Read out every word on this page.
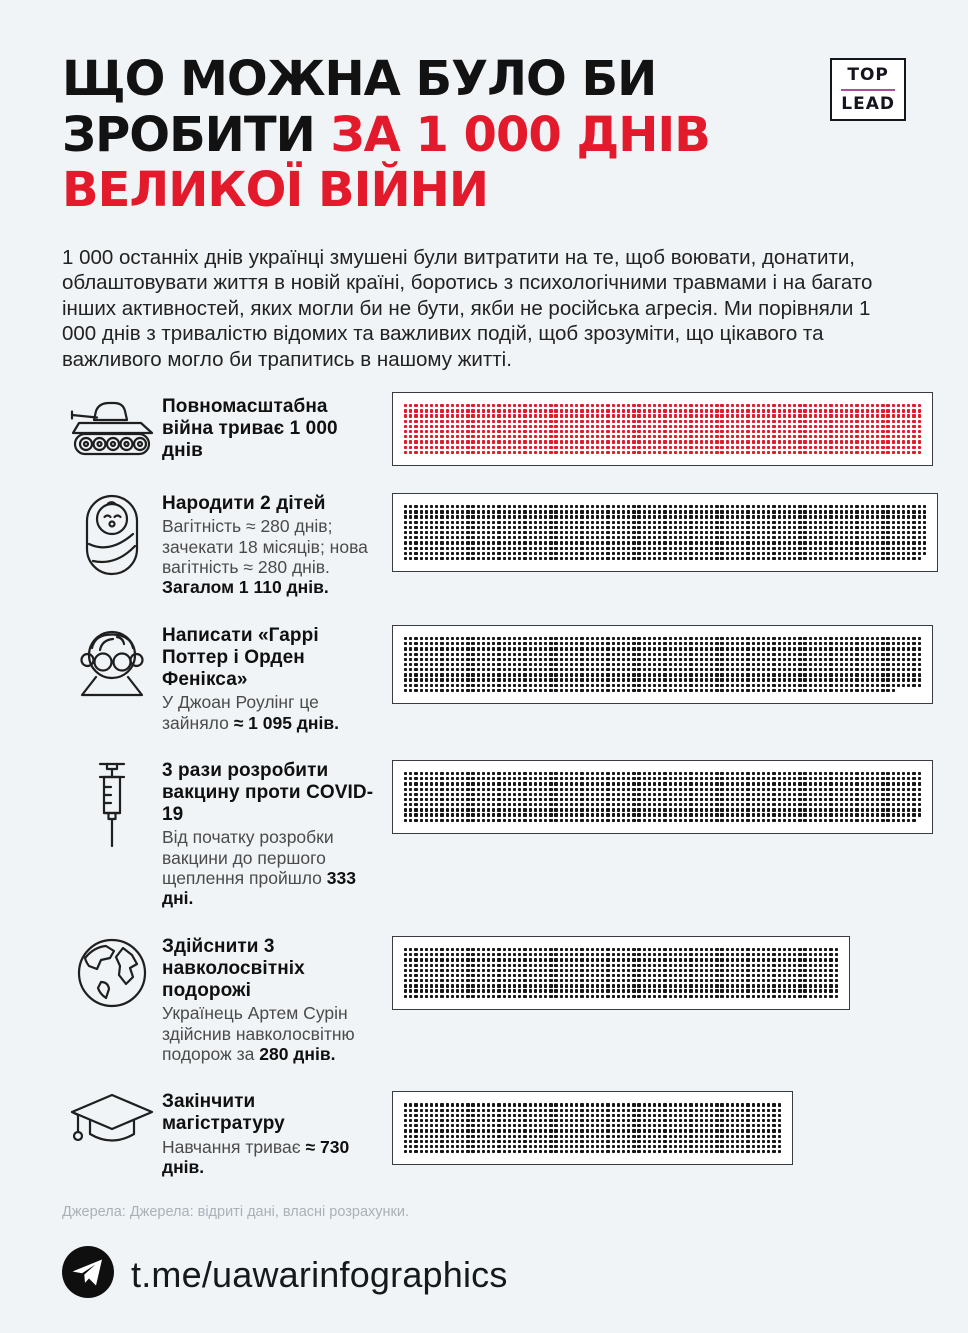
ЩО МОЖНА БУЛО БИ
ЗРОБИТИ ЗА 1 000 ДНІВ
ВЕЛИКОЇ ВІЙНИ
TOP
LEAD

1 000 останніх днів українці змушені були витратити на те, щоб воювати, донатити, облаштовувати життя в новій країні, боротись з психологічними травмами і на багато інших активностей, яких могли би не бути, якби не російська агресія. Ми порівняли 1 000 днів з тривалістю відомих та важливих подій, щоб зрозуміти, що цікавого та важливого могло би трапитись в нашому житті.

Повномасштабна війна триває 1 000 днів
Народити 2 дітей
Вагітність ≈ 280 днів; зачекати 18 місяців; нова вагітність ≈ 280 днів. Загалом 1 110 днів.
Написати «Гаррі Поттер і Орден Фенікса»
У Джоан Роулінг це зайняло ≈ 1 095 днів.
3 рази розробити вакцину проти COVID-19
Від початку розробки вакцини до першого щеплення пройшло 333 дні.
Здійснити 3 навколосвітніх подорожі
Українець Артем Сурін здійснив навколосвітню подорож за 280 днів.
Закінчити магістратуру
Навчання триває ≈ 730 днів.
Джерела: Джерела: відриті дані, власні розрахунки.
t.me/uawarinfographics
